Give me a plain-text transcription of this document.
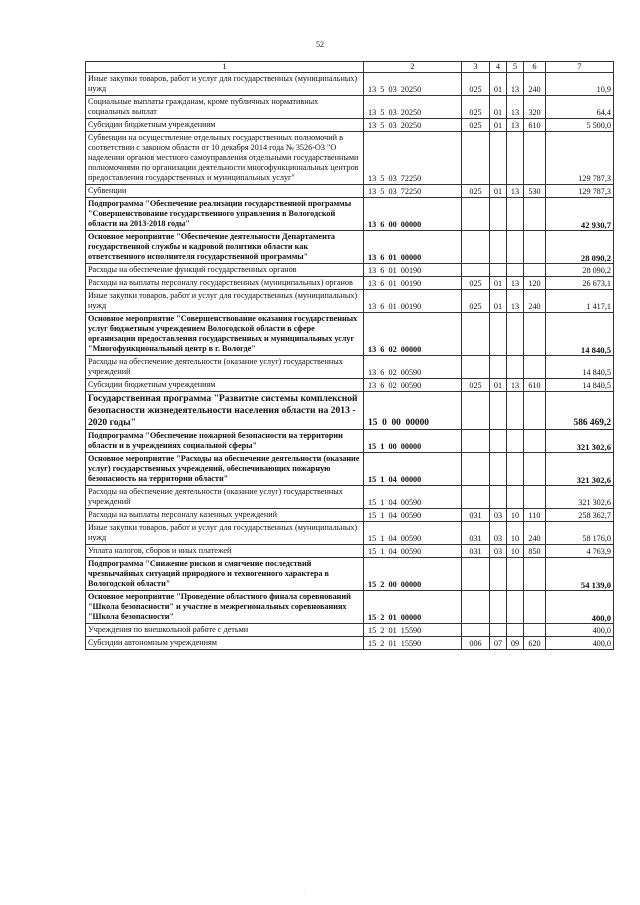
52
1	2	3	4	5	6	7
Иные закупки товаров, работ и услуг для государственных (муниципальных) нужд	13  5  03  20250	025	01	13	240	10,9
Социальные выплаты гражданам, кроме публичных нормативных социальных выплат	13  5  03  20250	025	01	13	320	64,4
Субсидии бюджетным учреждениям	13  5  03  20250	025	01	13	610	5 500,0
Субвенции на осуществление отдельных государственных полномочий в соответствии с законом области от 10 декабря 2014 года № 3526-ОЗ "О наделении органов местного самоуправления отдельными государственными полномочиями по организации деятельности многофункциональных центров предоставления государственных и муниципальных услуг"	13  5  03  72250					129 787,3
Субвенции	13  5  03  72250	025	01	13	530	129 787,3
Подпрограмма "Обеспечение реализации государственной программы "Совершенствование государственного управления в Вологодской области на 2013-2018 годы"	13  6  00  00000					42 930,7
Основное мероприятие "Обеспечение деятельности Департамента государственной службы и кадровой политики области как ответственного исполнителя государственной программы"	13  6  01  00000					28 090,2
Расходы на обеспечение функций государственных органов	13  6  01  00190					28 090,2
Расходы на выплаты персоналу государственных (муниципальных) органов	13  6  01  00190	025	01	13	120	26 673,1
Иные закупки товаров, работ и услуг для государственных (муниципальных) нужд	13  6  01  00190	025	01	13	240	1 417,1
Основное мероприятие "Совершенствование оказания государственных услуг бюджетным учреждением Вологодской области в сфере организации предоставления государственных и муниципальных услуг "Многофункциональный центр в г. Вологде"	13  6  02  00000					14 840,5
Расходы на обеспечение деятельности (оказание услуг) государственных учреждений	13  6  02  00590					14 840,5
Субсидии бюджетным учреждениям	13  6  02  00590	025	01	13	610	14 840,5
Государственная программа "Развитие системы комплексной безопасности жизнедеятельности населения области на 2013 - 2020 годы"	15  0  00  00000					586 469,2
Подпрограмма "Обеспечение пожарной безопасности на территории области и в учреждениях социальной сферы"	15  1  00  00000					321 302,6
Основное мероприятие "Расходы на обеспечение деятельности (оказание услуг) государственных учреждений, обеспечивающих пожарную безопасность на территории области"	15  1  04  00000					321 302,6
Расходы на обеспечение деятельности (оказание услуг) государственных учреждений	15  1  04  00590					321 302,6
Расходы на выплаты персоналу казенных учреждений	15  1  04  00590	031	03	10	110	258 362,7
Иные закупки товаров, работ и услуг для государственных (муниципальных) нужд	15  1  04  00590	031	03	10	240	58 176,0
Уплата налогов, сборов и иных платежей	15  1  04  00590	031	03	10	850	4 763,9
Подпрограмма "Снижение рисков и смягчение последствий чрезвычайных ситуаций природного и техногенного характера в Вологодской области"	15  2  00  00000					54 139,0
Основное мероприятие "Проведение областного финала соревнований "Школа безопасности" и участие в межрегиональных соревнованиях "Школа безопасности"	15  2  01  00000					400,0
Учреждения по внешкольной работе с детьми	15  2  01  15590					400,0
Субсидии автономным учреждениям	15  2  01  15590	006	07	09	620	400,0
·
